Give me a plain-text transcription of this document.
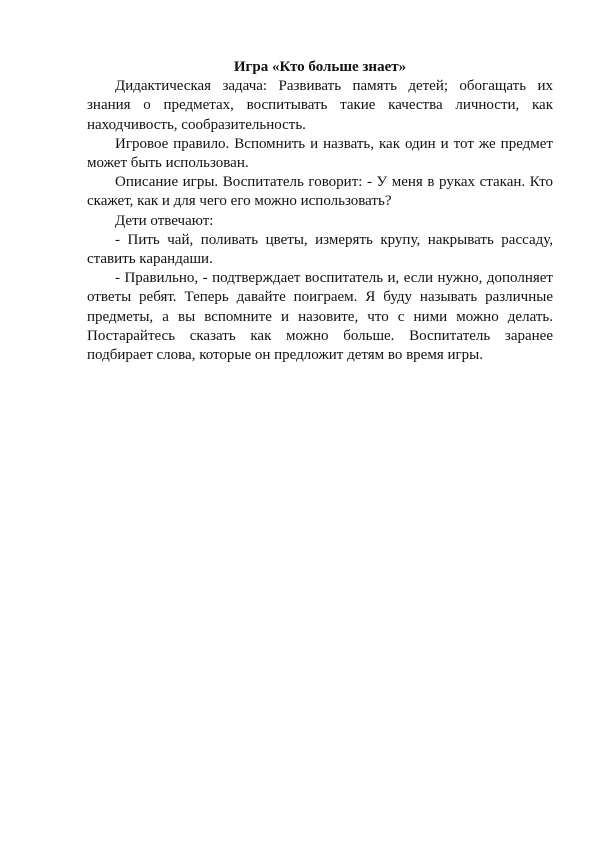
Игра «Кто больше знает»

Дидактическая задача: Развивать память детей; обогащать их знания о предметах, воспитывать такие качества личности, как находчивость, сообразительность.

Игровое правило. Вспомнить и назвать, как один и тот же предмет может быть использован.

Описание игры. Воспитатель говорит: - У меня в руках стакан. Кто скажет, как и для чего его можно использовать?

Дети отвечают:

- Пить чай, поливать цветы, измерять крупу, накрывать рассаду, ставить карандаши.

- Правильно, - подтверждает воспитатель и, если нужно, дополняет ответы ребят. Теперь давайте поиграем. Я буду называть различные предметы, а вы вспомните и назовите, что с ними можно делать. Постарайтесь сказать как можно больше. Воспитатель заранее подбирает слова, которые он предложит детям во время игры.
